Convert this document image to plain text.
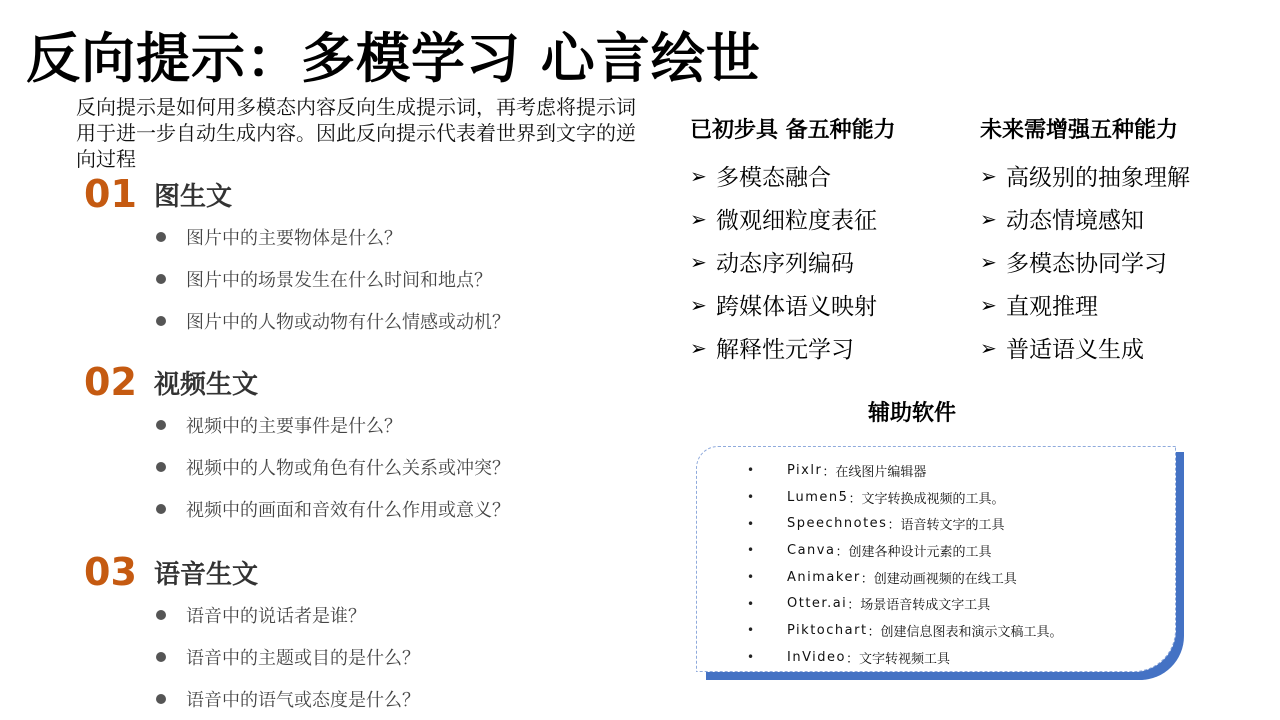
反向提示：多模学习 心言绘世
反向提示是如何用多模态内容反向生成提示词，再考虑将提示词用于进一步自动生成内容。因此反向提示代表着世界到文字的逆向过程
01 图生文
图片中的主要物体是什么？
图片中的场景发生在什么时间和地点？
图片中的人物或动物有什么情感或动机？
02 视频生文
视频中的主要事件是什么？
视频中的人物或角色有什么关系或冲突？
视频中的画面和音效有什么作用或意义？
03 语音生文
语音中的说话者是谁？
语音中的主题或目的是什么？
语音中的语气或态度是什么？
已初步具 备五种能力
➢ 多模态融合
➢ 微观细粒度表征
➢ 动态序列编码
➢ 跨媒体语义映射
➢ 解释性元学习
未来需增强五种能力
➢ 高级别的抽象理解
➢ 动态情境感知
➢ 多模态协同学习
➢ 直观推理
➢ 普适语义生成
辅助软件
•	Pixlr ：在线图片编辑器
•	Lumen5 ：文字转换成视频的工具。
•	Speechnotes ：语音转文字的工具
•	Canva ：创建各种设计元素的工具
•	Animaker ：创建动画视频的在线工具
•	Otter.ai ：场景语音转成文字工具
•	Piktochart ：创建信息图表和演示文稿工具。
•	InVideo ：文字转视频工具
